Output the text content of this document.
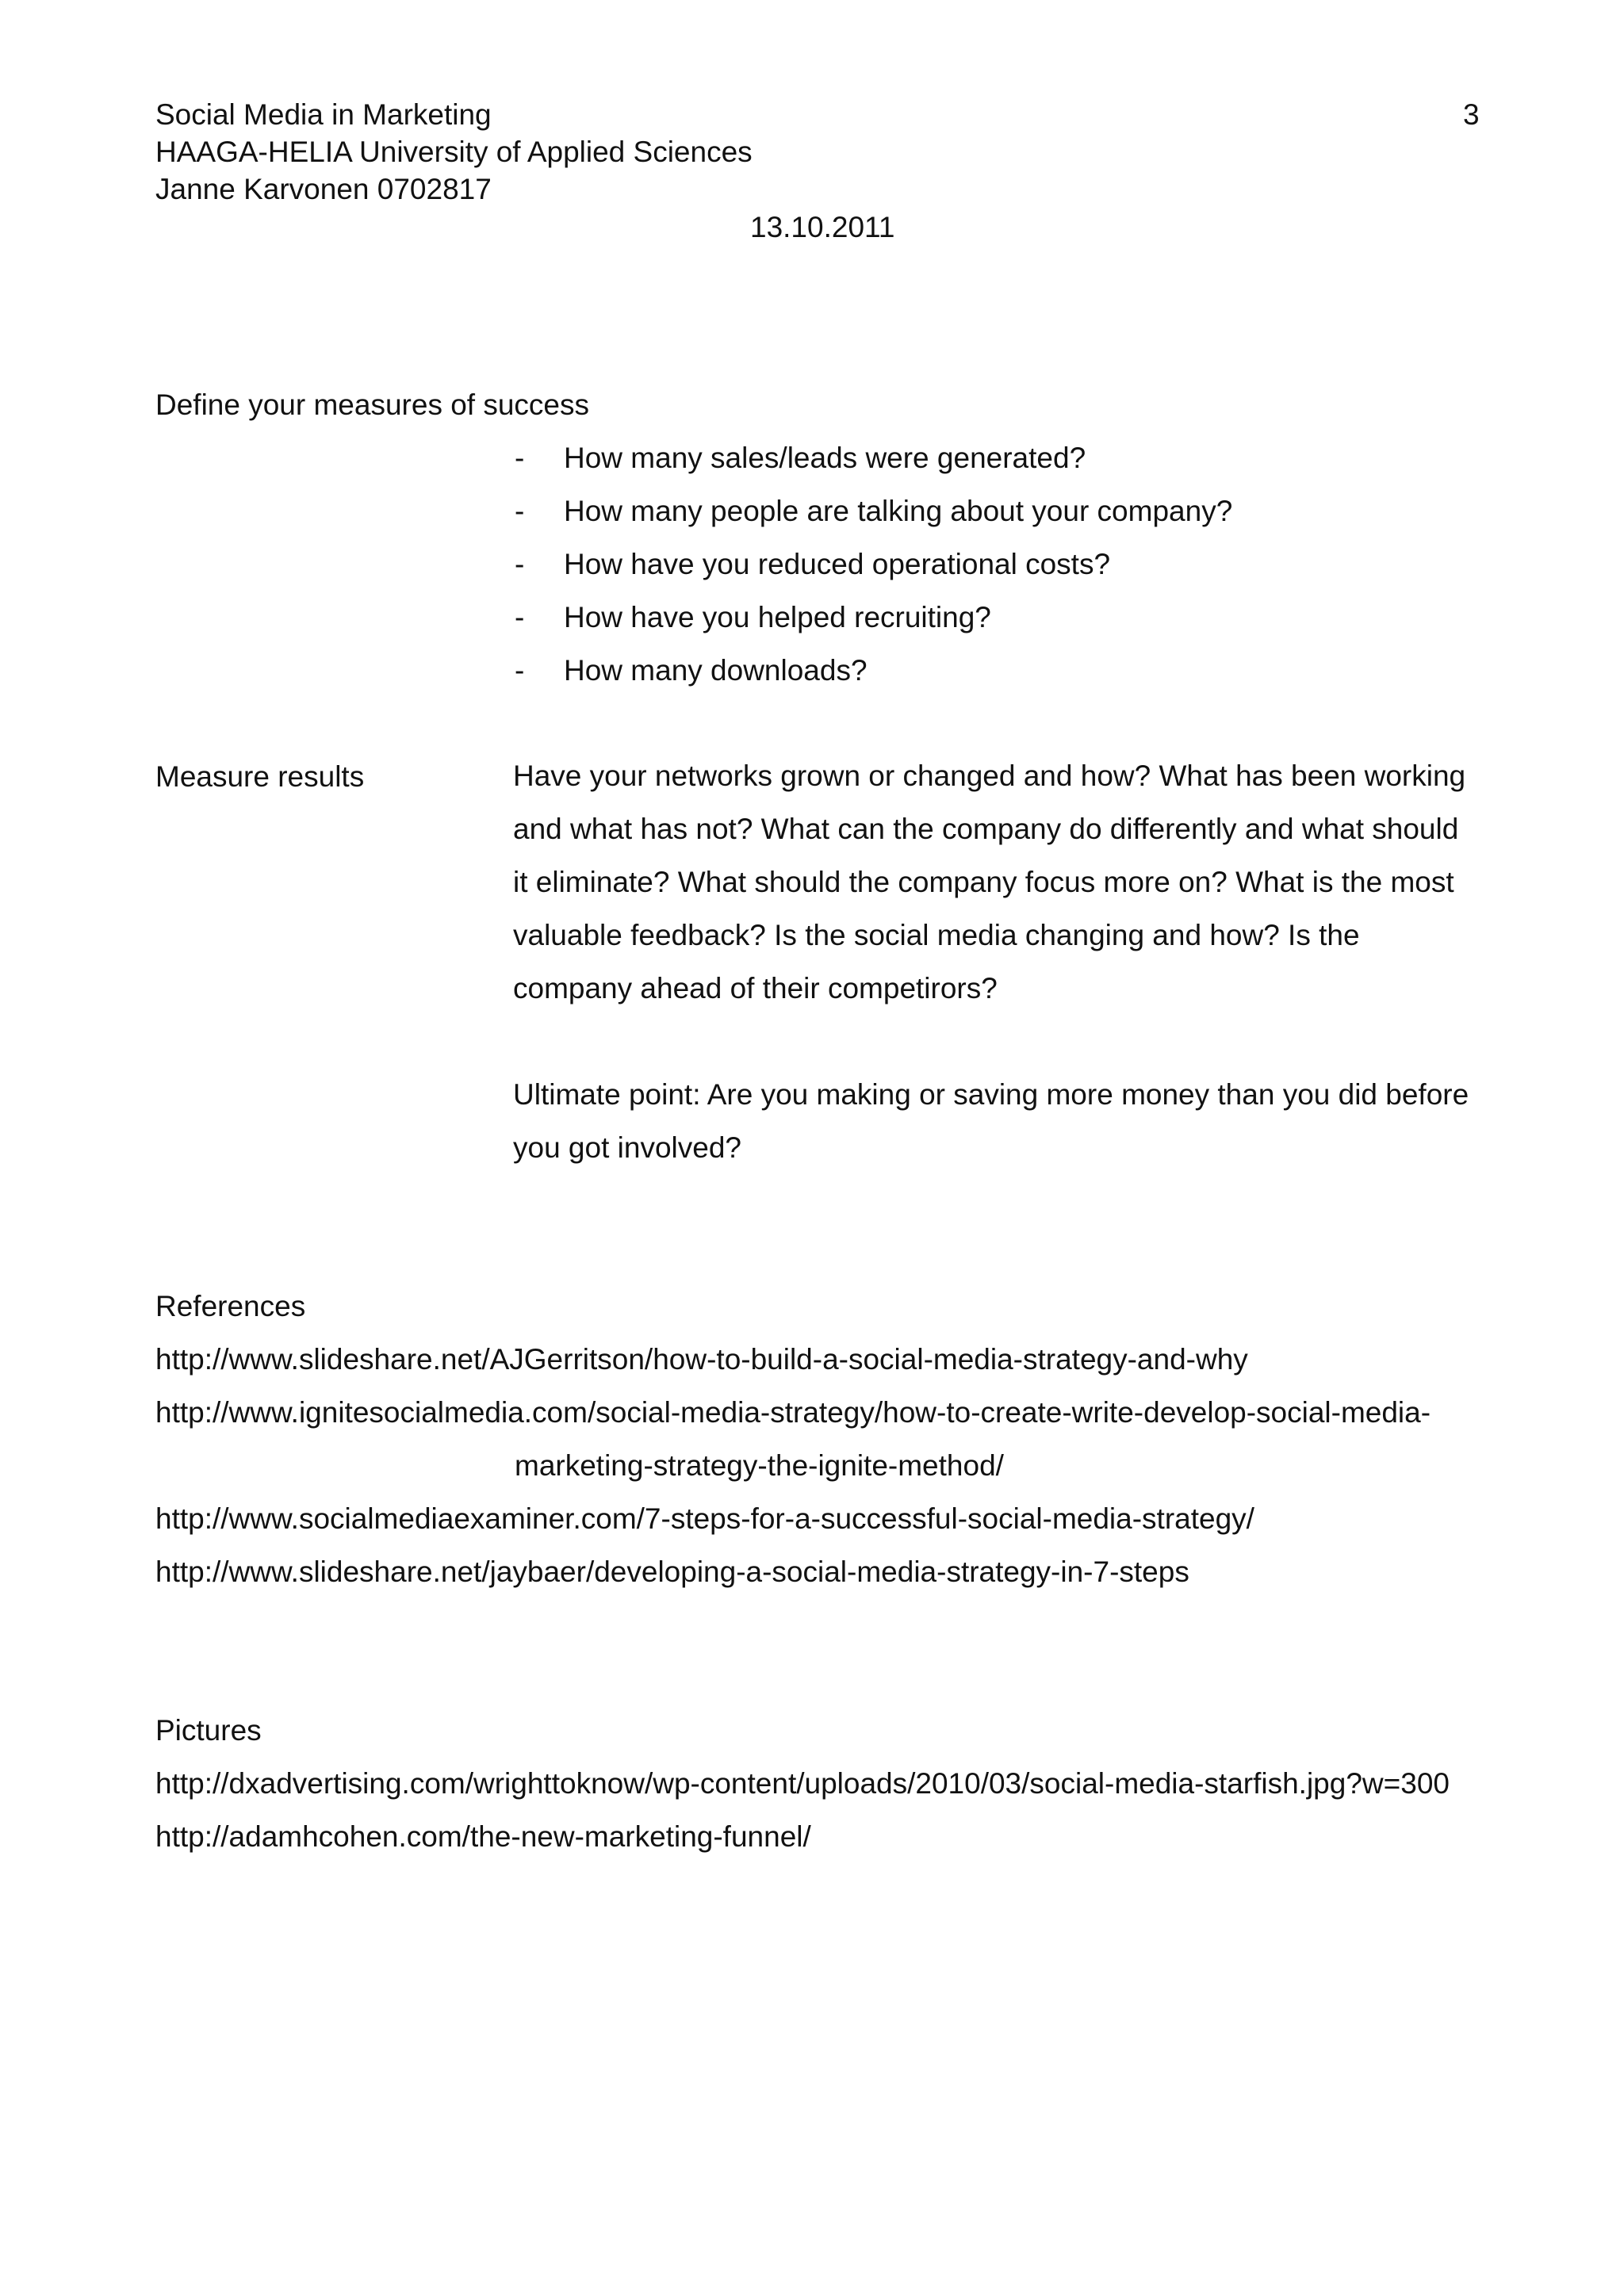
Social Media in Marketing
HAAGA-HELIA University of Applied Sciences
Janne Karvonen 0702817
13.10.2011
3
Define your measures of success
- How many sales/leads were generated?
- How many people are talking about your company?
- How have you reduced operational costs?
- How have you helped recruiting?
- How many downloads?
Measure results	Have your networks grown or changed and how? What has been working and what has not? What can the company do differently and what should it eliminate? What should the company focus more on? What is the most valuable feedback? Is the social media changing and how? Is the company ahead of their competirors?
Ultimate point: Are you making or saving more money than you did before you got involved?
References
http://www.slideshare.net/AJGerritson/how-to-build-a-social-media-strategy-and-why
http://www.ignitesocialmedia.com/social-media-strategy/how-to-create-write-develop-social-media-
marketing-strategy-the-ignite-method/
http://www.socialmediaexaminer.com/7-steps-for-a-successful-social-media-strategy/
http://www.slideshare.net/jaybaer/developing-a-social-media-strategy-in-7-steps
Pictures
http://dxadvertising.com/wrighttoknow/wp-content/uploads/2010/03/social-media-starfish.jpg?w=300
http://adamhcohen.com/the-new-marketing-funnel/
